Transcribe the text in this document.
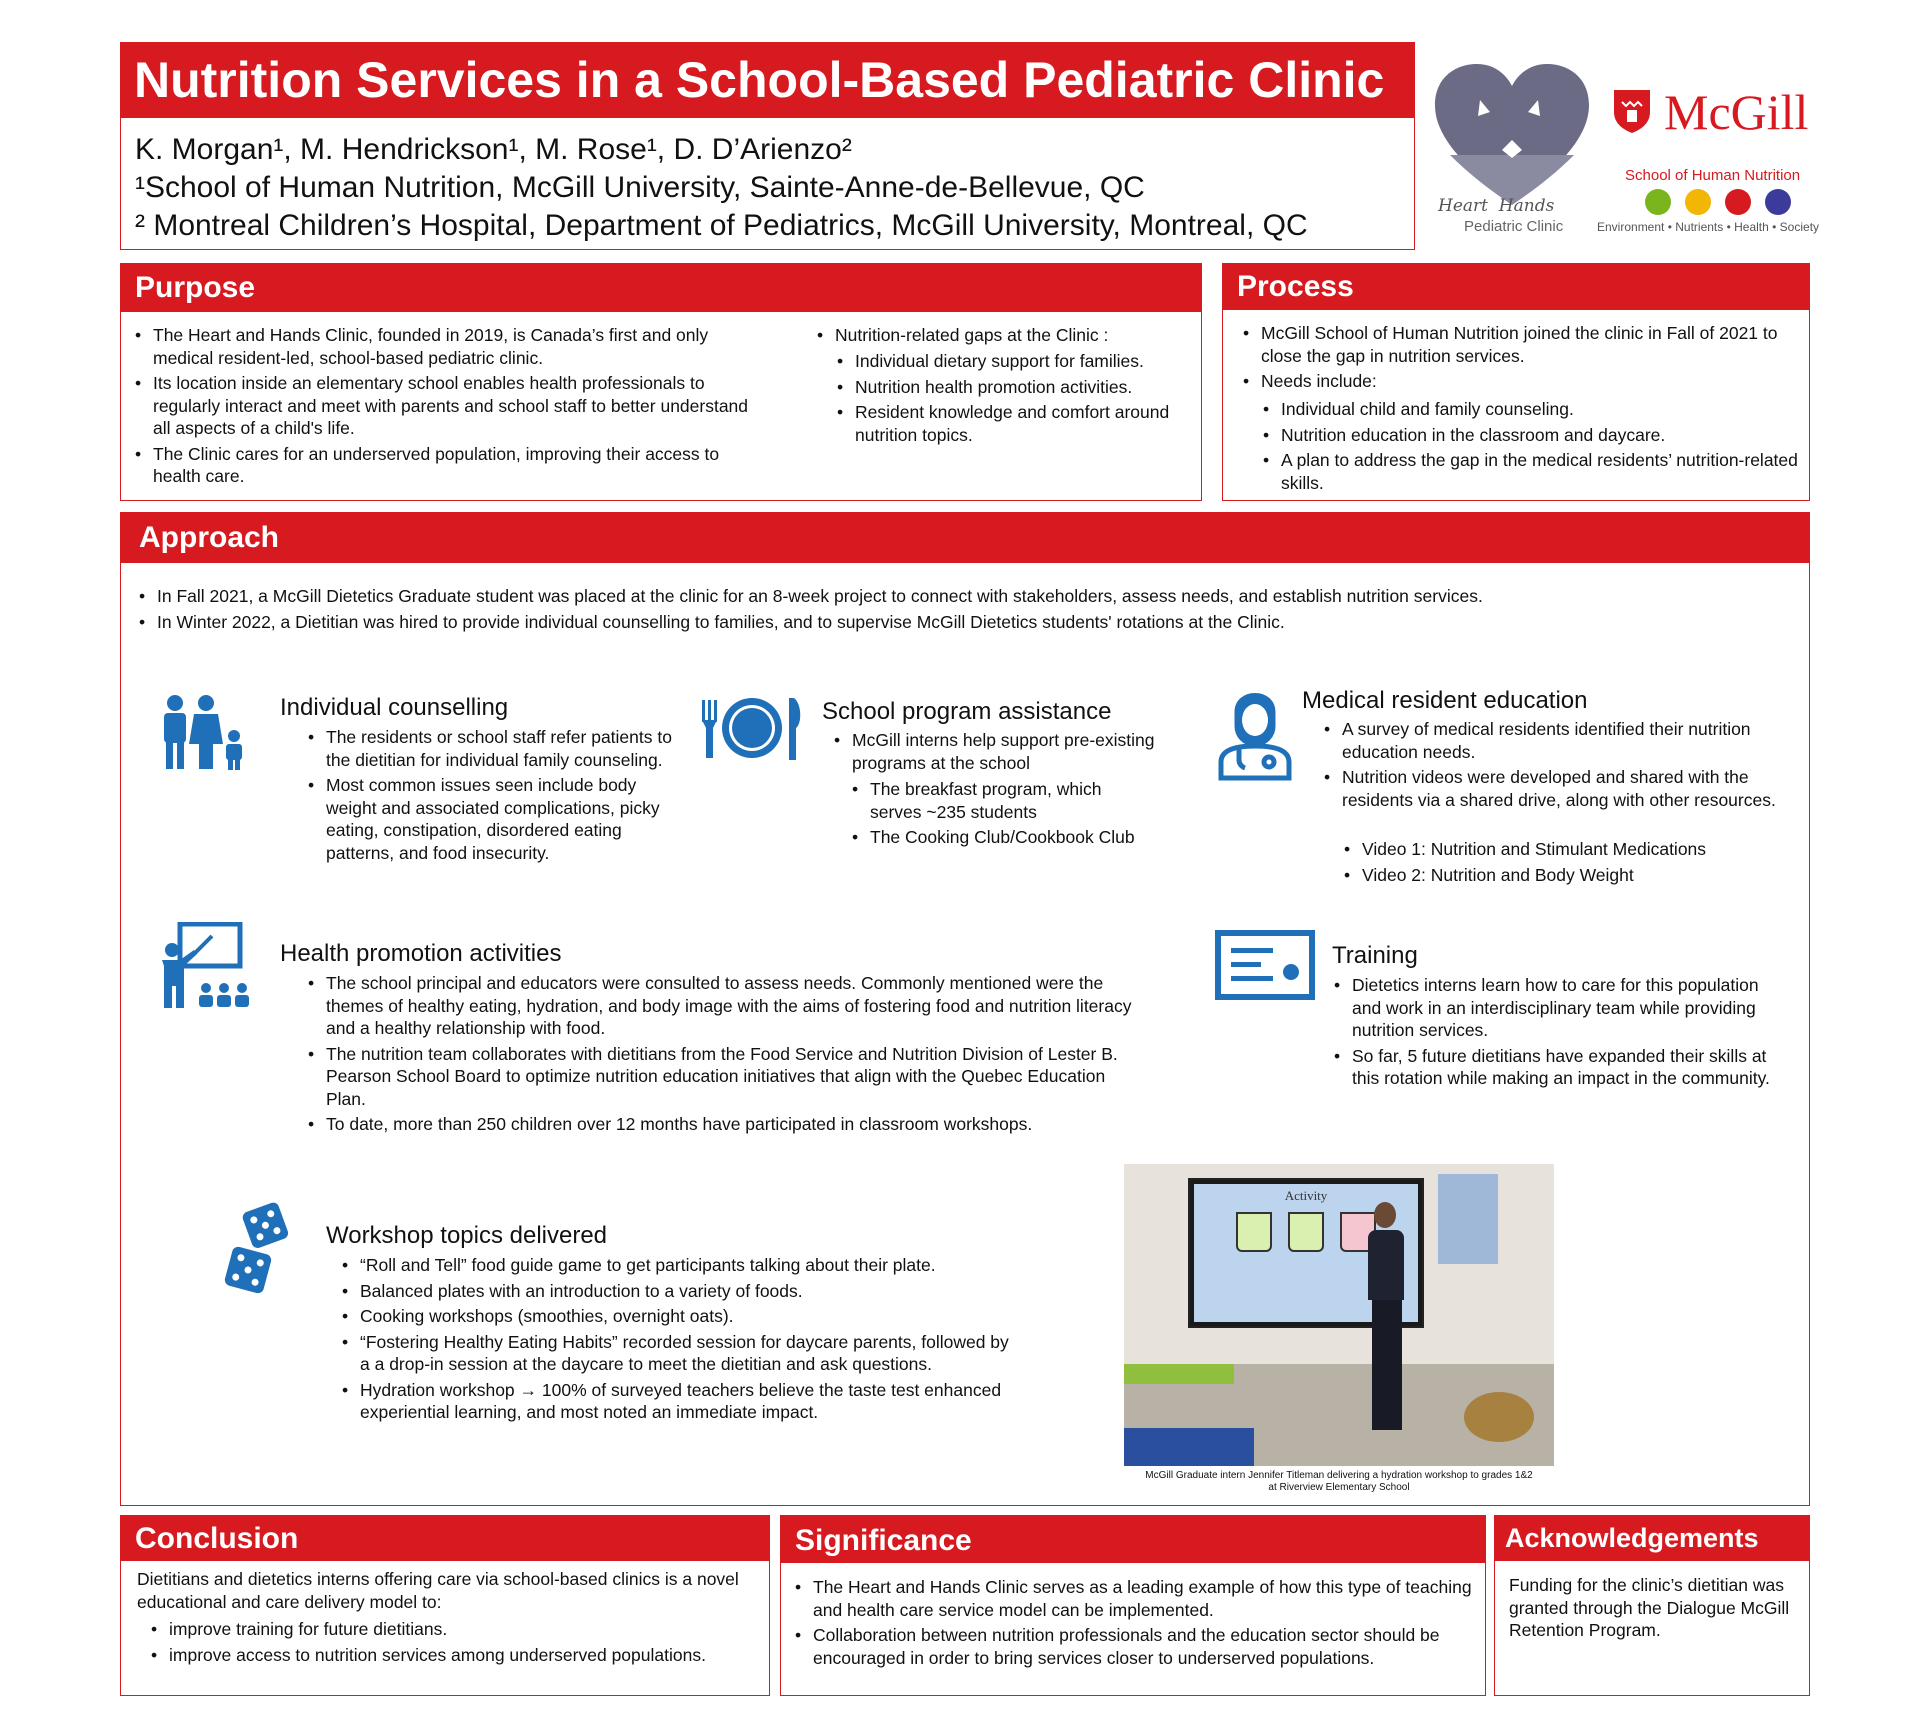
Nutrition Services in a School-Based Pediatric Clinic
K. Morgan¹, M. Hendrickson¹, M. Rose¹, D. D’Arienzo²
¹School of Human Nutrition, McGill University, Sainte-Anne-de-Bellevue, QC
² Montreal Children’s Hospital, Department of Pediatrics, McGill University, Montreal, QC
Heart  Hands
Pediatric Clinic
McGill
School of Human Nutrition
Environment • Nutrients • Health • Society
Purpose
• The Heart and Hands Clinic, founded in 2019, is Canada’s first and only medical resident-led, school-based pediatric clinic.
• Its location inside an elementary school enables health professionals to regularly interact and meet with parents and school staff to better understand all aspects of a child's life.
• The Clinic cares for an underserved population, improving their access to health care.
• Nutrition-related gaps at the Clinic :
• Individual dietary support for families.
• Nutrition health promotion activities.
• Resident knowledge and comfort around nutrition topics.
Process
• McGill School of Human Nutrition joined the clinic in Fall of 2021 to close the gap in nutrition services.
• Needs include:
• Individual child and family counseling.
• Nutrition education in the classroom and daycare.
• A plan to address the gap in the medical residents’ nutrition-related skills.
Approach
• In Fall 2021, a McGill Dietetics Graduate student was placed at the clinic for an 8-week project to connect with stakeholders, assess needs, and establish nutrition services.
• In Winter 2022, a Dietitian was hired to provide individual counselling to families, and to supervise McGill Dietetics students' rotations at the Clinic.
Individual counselling
• The residents or school staff refer patients to the dietitian for individual family counseling.
• Most common issues seen include body weight and associated complications, picky eating, constipation, disordered eating patterns, and food insecurity.
School program assistance
• McGill interns help support pre-existing programs at the school
• The breakfast program, which serves ~235 students
• The Cooking Club/Cookbook Club
Medical resident education
• A survey of medical residents identified their nutrition education needs.
• Nutrition videos were developed and shared with the residents via a shared drive, along with other resources.
• Video 1: Nutrition and Stimulant Medications
• Video 2: Nutrition and Body Weight
Health promotion activities
• The school principal and educators were consulted to assess needs. Commonly mentioned were the themes of healthy eating, hydration, and body image with the aims of fostering food and nutrition literacy and a healthy relationship with food.
• The nutrition team collaborates with dietitians from the Food Service and Nutrition Division of Lester B. Pearson School Board to optimize nutrition education initiatives that align with the Quebec Education Plan.
• To date, more than 250 children over 12 months have participated in classroom workshops.
Training
• Dietetics interns learn how to care for this population and work in an interdisciplinary team while providing nutrition services.
• So far, 5 future dietitians have expanded their skills at this rotation while making an impact in the community.
Workshop topics delivered
• “Roll and Tell” food guide game to get participants talking about their plate.
• Balanced plates with an introduction to a variety of foods.
• Cooking workshops (smoothies, overnight oats).
• “Fostering Healthy Eating Habits” recorded session for daycare parents, followed by a a drop-in session at the daycare to meet the dietitian and ask questions.
• Hydration workshop → 100% of surveyed teachers believe the taste test enhanced experiential learning, and most noted an immediate impact.
Activity
McGill Graduate intern Jennifer Titleman delivering a hydration workshop to grades 1&2
at Riverview Elementary School
Conclusion
Dietitians and dietetics interns offering care via school-based clinics is a novel educational and care delivery model to:
• improve training for future dietitians.
• improve access to nutrition services among underserved populations.
Significance
• The Heart and Hands Clinic serves as a leading example of how this type of teaching and health care service model can be implemented.
• Collaboration between nutrition professionals and the education sector should be encouraged in order to bring services closer to underserved populations.
Acknowledgements
Funding for the clinic’s dietitian was granted through the Dialogue McGill Retention Program.
